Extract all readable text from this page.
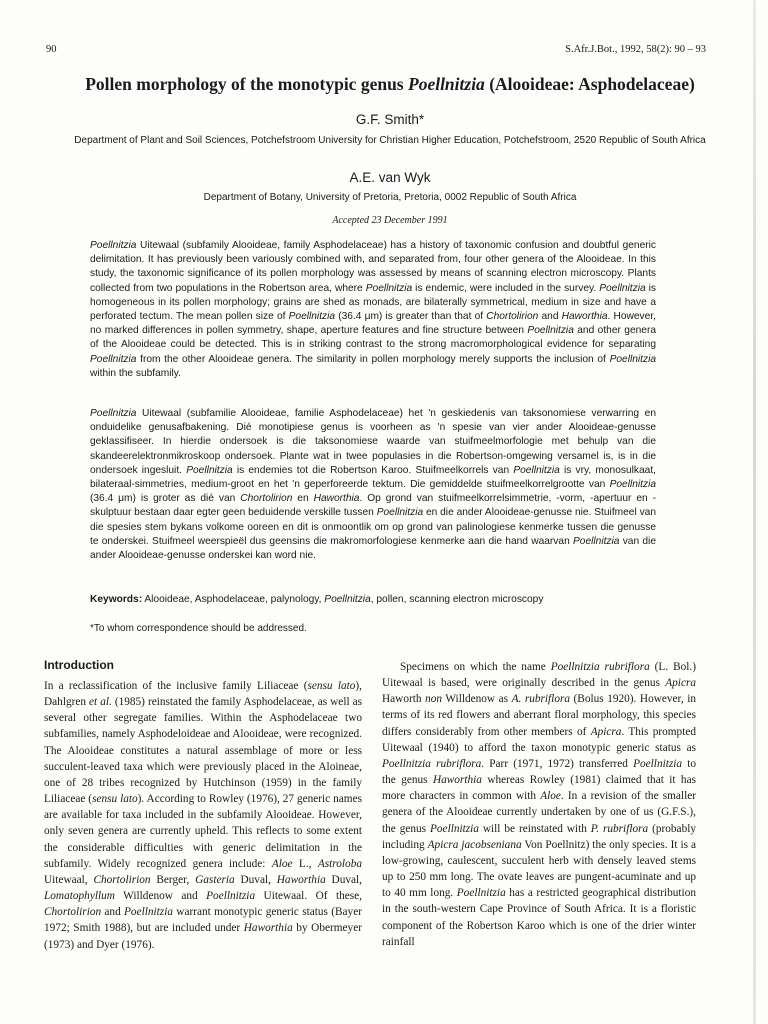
90	S.Afr.J.Bot., 1992, 58(2): 90 – 93
Pollen morphology of the monotypic genus Poellnitzia (Alooideae: Asphodelaceae)

G.F. Smith*

Department of Plant and Soil Sciences, Potchefstroom University for Christian Higher Education, Potchefstroom, 2520 Republic of South Africa

A.E. van Wyk

Department of Botany, University of Pretoria, Pretoria, 0002 Republic of South Africa

Accepted 23 December 1991

Poellnitzia Uitewaal (subfamily Alooideae, family Asphodelaceae) has a history of taxonomic confusion and doubtful generic delimitation. It has previously been variously combined with, and separated from, four other genera of the Alooideae. In this study, the taxonomic significance of its pollen morphology was assessed by means of scanning electron microscopy. Plants collected from two populations in the Robertson area, where Poellnitzia is endemic, were included in the survey. Poellnitzia is homogeneous in its pollen morphology; grains are shed as monads, are bilaterally symmetrical, medium in size and have a perforated tectum. The mean pollen size of Poellnitzia (36.4 μm) is greater than that of Chortolirion and Haworthia. However, no marked differences in pollen symmetry, shape, aperture features and fine structure between Poellnitzia and other genera of the Alooideae could be detected. This is in striking contrast to the strong macromorphological evidence for separating Poellnitzia from the other Alooideae genera. The similarity in pollen morphology merely supports the inclusion of Poellnitzia within the subfamily.

Poellnitzia Uitewaal (subfamilie Alooideae, familie Asphodelaceae) het 'n geskiedenis van taksonomiese verwarring en onduidelike genusafbakening. Dié monotipiese genus is voorheen as 'n spesie van vier ander Alooideae-genusse geklassifiseer. In hierdie ondersoek is die taksonomiese waarde van stuifmeelmorfologie met behulp van die skandeerelektronmikroskoop ondersoek. Plante wat in twee populasies in die Robertson-omgewing versamel is, is in die ondersoek ingesluit. Poellnitzia is endemies tot die Robertson Karoo. Stuifmeelkorrels van Poellnitzia is vry, monosulkaat, bilateraal-simmetries, medium-groot en het 'n geperforeerde tektum. Die gemiddelde stuifmeelkorrelgrootte van Poellnitzia (36.4 μm) is groter as dié van Chortolirion en Haworthia. Op grond van stuifmeelkorrelsimmetrie, -vorm, -apertuur en -skulptuur bestaan daar egter geen beduidende verskille tussen Poellnitzia en die ander Alooideae-genusse nie. Stuifmeel van die spesies stem bykans volkome ooreen en dit is onmoontlik om op grond van palinologiese kenmerke tussen die genusse te onderskei. Stuifmeel weerspieël dus geensins die makromorfologiese kenmerke aan die hand waarvan Poellnitzia van die ander Alooideae-genusse onderskei kan word nie.

Keywords: Alooideae, Asphodelaceae, palynology, Poellnitzia, pollen, scanning electron microscopy

*To whom correspondence should be addressed.

Introduction

In a reclassification of the inclusive family Liliaceae (sensu lato), Dahlgren et al. (1985) reinstated the family Asphodelaceae, as well as several other segregate families. Within the Asphodelaceae two subfamilies, namely Asphodeloideae and Alooideae, were recognized. The Alooideae constitutes a natural assemblage of more or less succulent-leaved taxa which were previously placed in the Aloineae, one of 28 tribes recognized by Hutchinson (1959) in the family Liliaceae (sensu lato). According to Rowley (1976), 27 generic names are available for taxa included in the subfamily Alooideae. However, only seven genera are currently upheld. This reflects to some extent the considerable difficulties with generic delimitation in the subfamily. Widely recognized genera include: Aloe L., Astroloba Uitewaal, Chortolirion Berger, Gasteria Duval, Haworthia Duval, Lomatophyllum Willdenow and Poellnitzia Uitewaal. Of these, Chortolirion and Poellnitzia warrant monotypic generic status (Bayer 1972; Smith 1988), but are included under Haworthia by Obermeyer (1973) and Dyer (1976).

Specimens on which the name Poellnitzia rubriflora (L. Bol.) Uitewaal is based, were originally described in the genus Apicra Haworth non Willdenow as A. rubriflora (Bolus 1920). However, in terms of its red flowers and aberrant floral morphology, this species differs considerably from other members of Apicra. This prompted Uitewaal (1940) to afford the taxon monotypic generic status as Poellnitzia rubriflora. Parr (1971, 1972) transferred Poellnitzia to the genus Haworthia whereas Rowley (1981) claimed that it has more characters in common with Aloe. In a revision of the smaller genera of the Alooideae currently undertaken by one of us (G.F.S.), the genus Poellnitzia will be reinstated with P. rubriflora (probably including Apicra jacobseniana Von Poellnitz) the only species. It is a low-growing, caulescent, succulent herb with densely leaved stems up to 250 mm long. The ovate leaves are pungent-acuminate and up to 40 mm long. Poellnitzia has a restricted geographical distribution in the south-western Cape Province of South Africa. It is a floristic component of the Robertson Karoo which is one of the drier winter rainfall
